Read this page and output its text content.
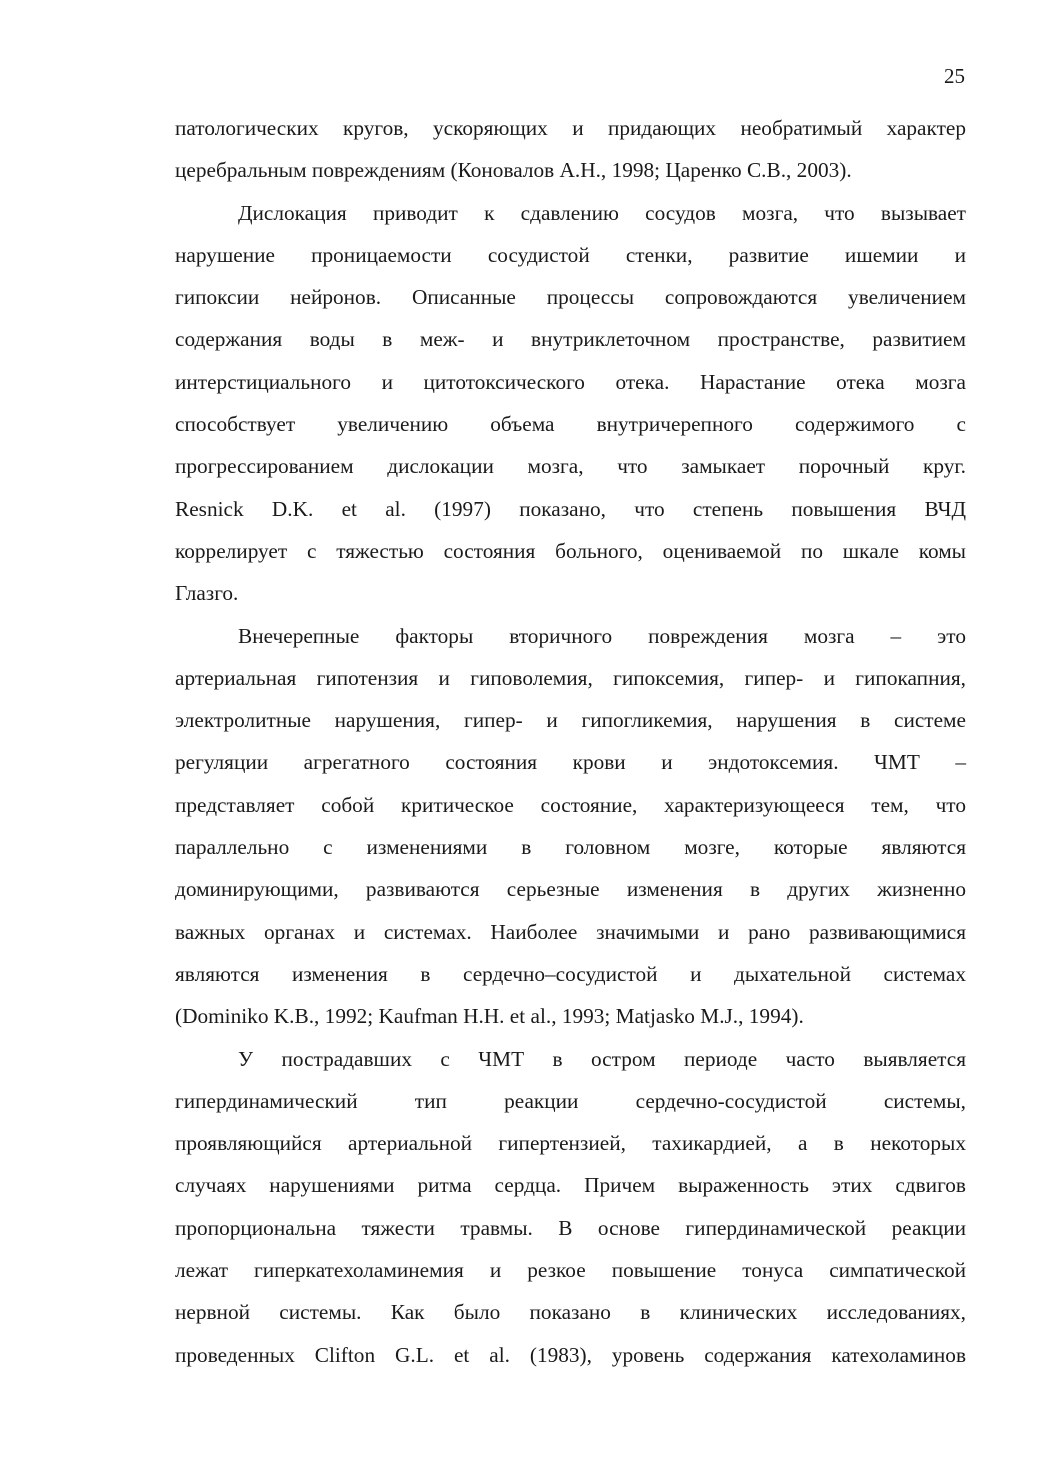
25

патологических кругов, ускоряющих и придающих необратимый характер
церебральным повреждениям (Коновалов А.Н., 1998; Царенко С.В., 2003).

Дислокация приводит к сдавлению сосудов мозга, что вызывает
нарушение проницаемости сосудистой стенки, развитие ишемии и
гипоксии нейронов. Описанные процессы сопровождаются увеличением
содержания воды в меж- и внутриклеточном пространстве, развитием
интерстициального и цитотоксического отека. Нарастание отека мозга
способствует увеличению объема внутричерепного содержимого с
прогрессированием дислокации мозга, что замыкает порочный круг.
Resnick D.K. et al. (1997) показано, что степень повышения ВЧД
коррелирует с тяжестью состояния больного, оцениваемой по шкале комы
Глазго.

Внечерепные факторы вторичного повреждения мозга – это
артериальная гипотензия и гиповолемия, гипоксемия, гипер- и гипокапния,
электролитные нарушения, гипер- и гипогликемия, нарушения в системе
регуляции агрегатного состояния крови и эндотоксемия. ЧМТ –
представляет собой критическое состояние, характеризующееся тем, что
параллельно с изменениями в головном мозге, которые являются
доминирующими, развиваются серьезные изменения в других жизненно
важных органах и системах. Наиболее значимыми и рано развивающимися
являются изменения в сердечно–сосудистой и дыхательной системах
(Dominiko K.B., 1992; Kaufman H.H. et al., 1993; Matjasko M.J., 1994).

У пострадавших с ЧМТ в остром периоде часто выявляется
гипердинамический тип реакции сердечно-сосудистой системы,
проявляющийся артериальной гипертензией, тахикардией, а в некоторых
случаях нарушениями ритма сердца. Причем выраженность этих сдвигов
пропорциональна тяжести травмы. В основе гипердинамической реакции
лежат гиперкатехоламинемия и резкое повышение тонуса симпатической
нервной системы. Как было показано в клинических исследованиях,
проведенных Clifton G.L. et al. (1983), уровень содержания катехоламинов
